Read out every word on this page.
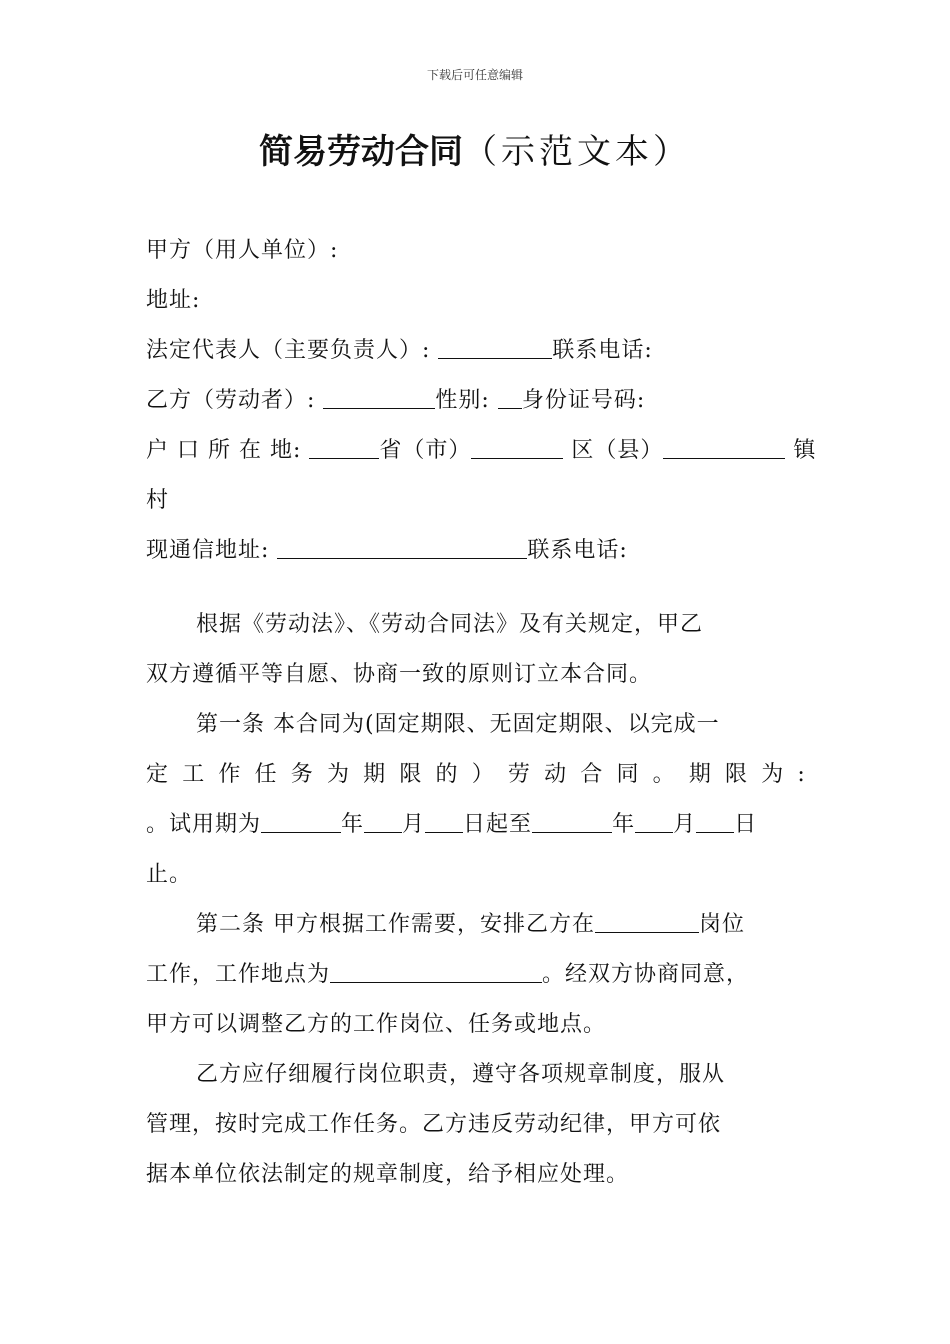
下载后可任意编辑
简易劳动合同（示范文本）
甲方（用人单位）:
地址:
法定代表人（主要负责人）:	联系电话:
乙方（劳动者）:	性别: 身份证号码:
户 口 所 在 地:	省（市）	区（县）	镇
村
现通信地址:	联系电话:
根据《劳动法》、《劳动合同法》及有关规定，甲乙
双方遵循平等自愿、协商一致的原则订立本合同。
第一条 本合同为(固定期限、无固定期限、以完成一
定 工 作 任 务 为 期 限 的 ） 劳 动 合 同 。 期 限 为 :
。试用期为	年 月 日起至	年 月 日
止。
第二条 甲方根据工作需要，安排乙方在	岗位
工作，工作地点为	。经双方协商同意，
甲方可以调整乙方的工作岗位、任务或地点。
乙方应仔细履行岗位职责，遵守各项规章制度，服从
管理，按时完成工作任务。乙方违反劳动纪律，甲方可依
据本单位依法制定的规章制度，给予相应处理。
